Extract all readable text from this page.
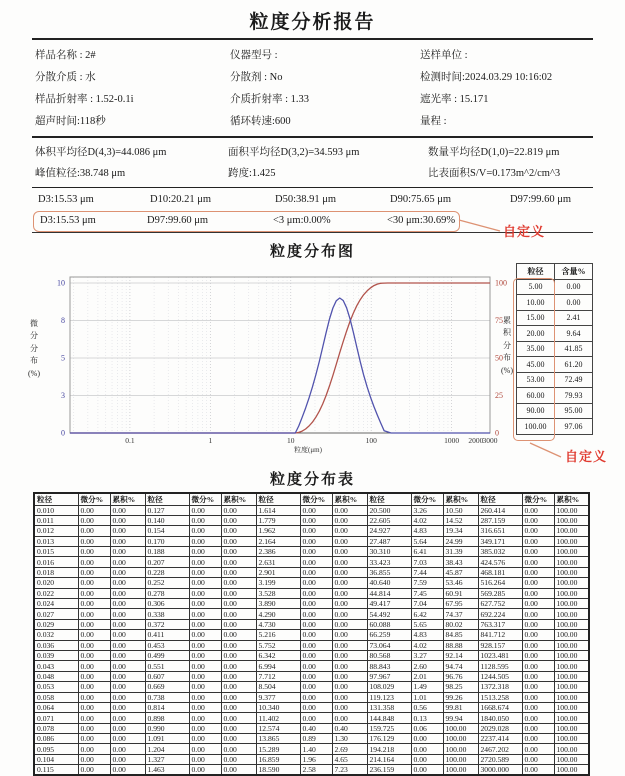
粒度分析报告
样品名称 : 2#	仪器型号 :	送样单位 :
分散介质 : 水	分散剂 : No	检测时间:2024.03.29 10:16:02
样品折射率 : 1.52-0.1i	介质折射率 : 1.33	遮光率 : 15.171
超声时间:118秒	循环转速:600	量程 :
体积平均径D(4,3)=44.086 μm	面积平均径D(3,2)=34.593 μm	数量平均径D(1,0)=22.819 μm
峰值粒径:38.748 μm	跨度:1.425	比表面积S/V=0.173m^2/cm^3
D3:15.53 μm	D10:20.21 μm	D50:38.91 μm	D90:75.65 μm	D97:99.60 μm
D3:15.53 μm	D97:99.60 μm	<3 μm:0.00%	<30 μm:30.69%
自定义
粒度分布图
10
8
5
3
0
100
75
50
25
0
0.1	1	10	100	1000 2000 3000
粒度(μm)
微
分
分
布
(%)
累
积
分
布
(%)
粒径	含量%
5.00	0.00
10.00	0.00
15.00	2.41
20.00	9.64
35.00	41.85
45.00	61.20
53.00	72.49
60.00	79.93
90.00	95.00
100.00	97.06
自定义
粒度分布表
粒径	微分%	累积%	粒径	微分%	累积%	粒径	微分%	累积%	粒径	微分%	累积%	粒径	微分%	累积%
0.010	0.00	0.00	0.127	0.00	0.00	1.614	0.00	0.00	20.500	3.26	10.50	260.414	0.00	100.00
0.011	0.00	0.00	0.140	0.00	0.00	1.779	0.00	0.00	22.605	4.02	14.52	287.159	0.00	100.00
0.012	0.00	0.00	0.154	0.00	0.00	1.962	0.00	0.00	24.927	4.83	19.34	316.651	0.00	100.00
0.013	0.00	0.00	0.170	0.00	0.00	2.164	0.00	0.00	27.487	5.64	24.99	349.171	0.00	100.00
0.015	0.00	0.00	0.188	0.00	0.00	2.386	0.00	0.00	30.310	6.41	31.39	385.032	0.00	100.00
0.016	0.00	0.00	0.207	0.00	0.00	2.631	0.00	0.00	33.423	7.03	38.43	424.576	0.00	100.00
0.018	0.00	0.00	0.228	0.00	0.00	2.901	0.00	0.00	36.855	7.44	45.87	468.181	0.00	100.00
0.020	0.00	0.00	0.252	0.00	0.00	3.199	0.00	0.00	40.640	7.59	53.46	516.264	0.00	100.00
0.022	0.00	0.00	0.278	0.00	0.00	3.528	0.00	0.00	44.814	7.45	60.91	569.285	0.00	100.00
0.024	0.00	0.00	0.306	0.00	0.00	3.890	0.00	0.00	49.417	7.04	67.95	627.752	0.00	100.00
0.027	0.00	0.00	0.338	0.00	0.00	4.290	0.00	0.00	54.492	6.42	74.37	692.224	0.00	100.00
0.029	0.00	0.00	0.372	0.00	0.00	4.730	0.00	0.00	60.088	5.65	80.02	763.317	0.00	100.00
0.032	0.00	0.00	0.411	0.00	0.00	5.216	0.00	0.00	66.259	4.83	84.85	841.712	0.00	100.00
0.036	0.00	0.00	0.453	0.00	0.00	5.752	0.00	0.00	73.064	4.02	88.88	928.157	0.00	100.00
0.039	0.00	0.00	0.499	0.00	0.00	6.342	0.00	0.00	80.568	3.27	92.14	1023.481	0.00	100.00
0.043	0.00	0.00	0.551	0.00	0.00	6.994	0.00	0.00	88.843	2.60	94.74	1128.595	0.00	100.00
0.048	0.00	0.00	0.607	0.00	0.00	7.712	0.00	0.00	97.967	2.01	96.76	1244.505	0.00	100.00
0.053	0.00	0.00	0.669	0.00	0.00	8.504	0.00	0.00	108.029	1.49	98.25	1372.318	0.00	100.00
0.058	0.00	0.00	0.738	0.00	0.00	9.377	0.00	0.00	119.123	1.01	99.26	1513.258	0.00	100.00
0.064	0.00	0.00	0.814	0.00	0.00	10.340	0.00	0.00	131.358	0.56	99.81	1668.674	0.00	100.00
0.071	0.00	0.00	0.898	0.00	0.00	11.402	0.00	0.00	144.848	0.13	99.94	1840.050	0.00	100.00
0.078	0.00	0.00	0.990	0.00	0.00	12.574	0.40	0.40	159.725	0.06	100.00	2029.028	0.00	100.00
0.086	0.00	0.00	1.091	0.00	0.00	13.865	0.89	1.30	176.129	0.00	100.00	2237.414	0.00	100.00
0.095	0.00	0.00	1.204	0.00	0.00	15.289	1.40	2.69	194.218	0.00	100.00	2467.202	0.00	100.00
0.104	0.00	0.00	1.327	0.00	0.00	16.859	1.96	4.65	214.164	0.00	100.00	2720.589	0.00	100.00
0.115	0.00	0.00	1.463	0.00	0.00	18.590	2.58	7.23	236.159	0.00	100.00	3000.000	0.00	100.00
